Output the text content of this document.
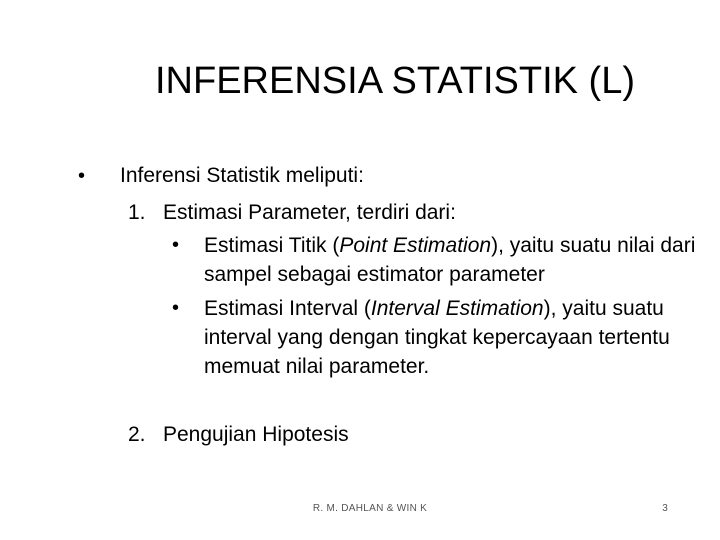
INFERENSIA STATISTIK (L)
• Inferensi Statistik meliputi:
1. Estimasi Parameter, terdiri dari:
• Estimasi Titik (Point Estimation), yaitu suatu nilai dari sampel sebagai estimator parameter
• Estimasi Interval (Interval Estimation), yaitu suatu interval yang dengan tingkat kepercayaan tertentu memuat nilai parameter.
2. Pengujian Hipotesis
R. M. DAHLAN & WIN K	3
